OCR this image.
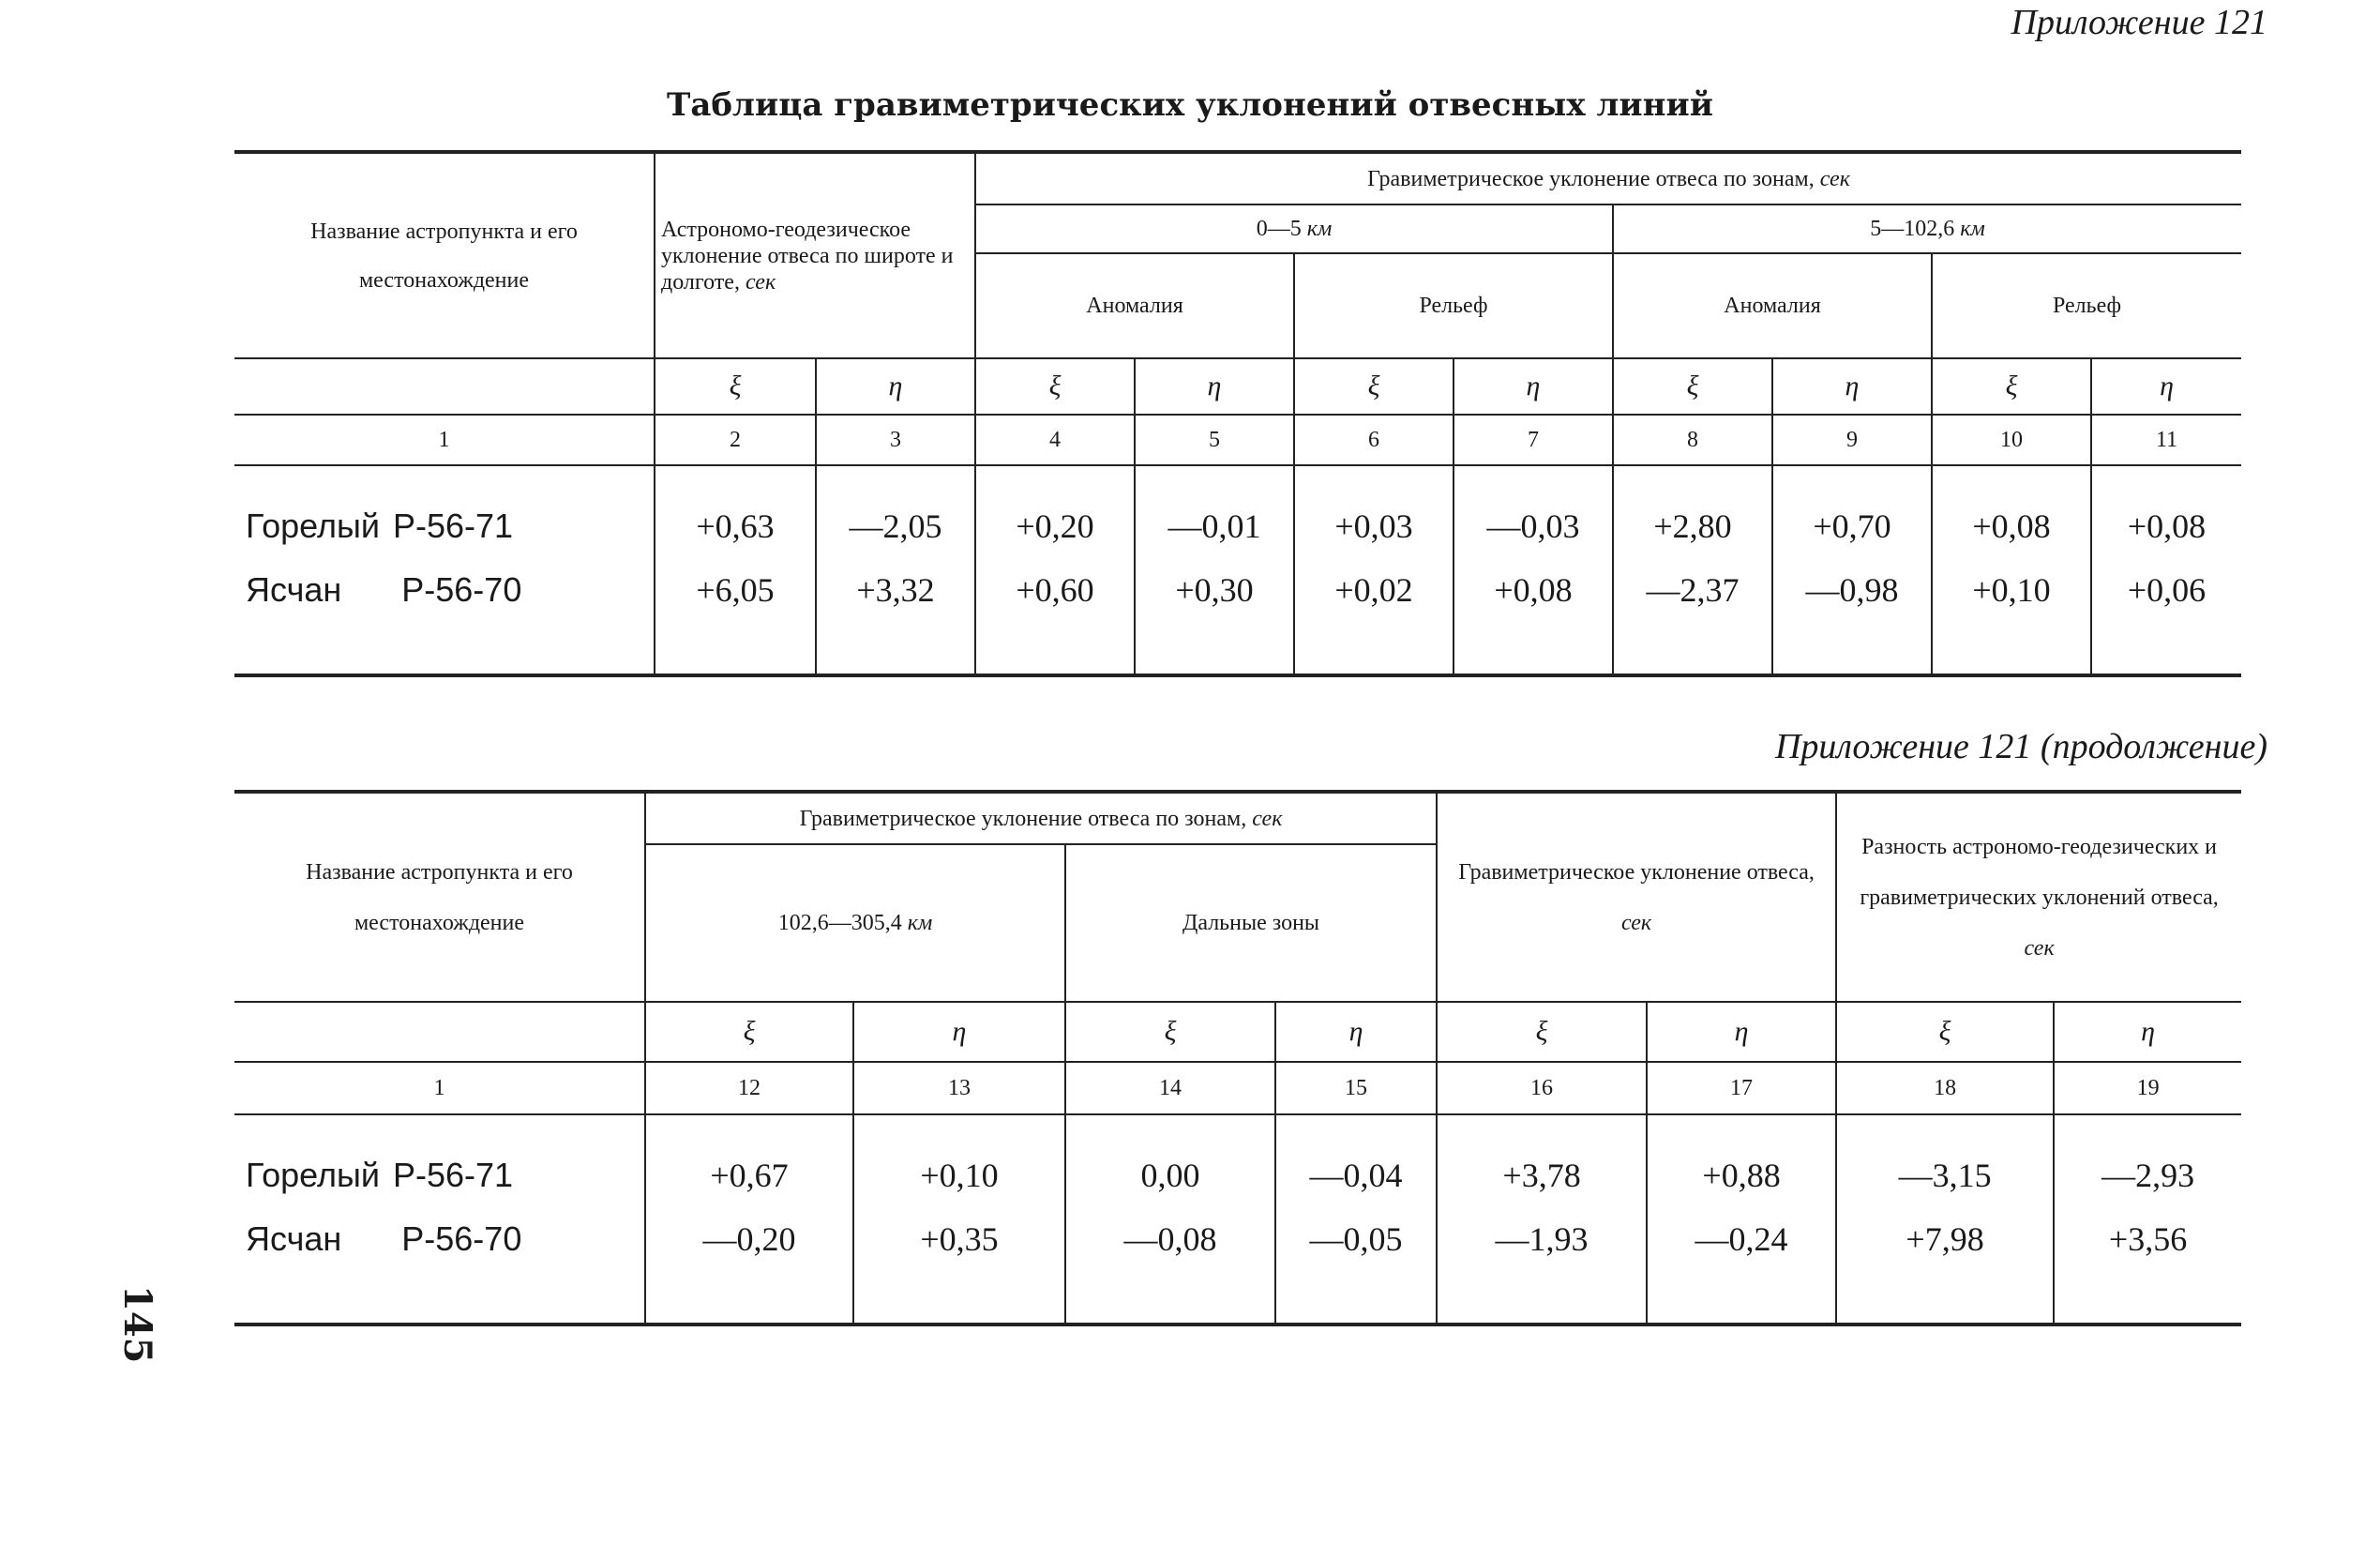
Приложение 121
Таблица гравиметрических уклонений отвесных линий
Название астропункта и его местонахождение	Астрономо-геодезическое уклонение отвеса по широте и долготе, сек		Гравиметрическое уклонение отвеса по зонам, сек							
			0—5 км				5—102,6 км			
			Аномалия		Рельеф		Аномалия		Рельеф	
	ξ	η	ξ	η	ξ	η	ξ	η	ξ	η
1	2	3	4	5	6	7	8	9	10	11
Горелый Р-56-71	+0,63	—2,05	+0,20	—0,01	+0,03	—0,03	+2,80	+0,70	+0,08	+0,08
Ясчан Р-56-70	+6,05	+3,32	+0,60	+0,30	+0,02	+0,08	—2,37	—0,98	+0,10	+0,06
Приложение 121 (продолжение)
Название астропункта и его местонахождение	Гравиметрическое уклонение отвеса по зонам, сек				Гравиметрическое уклонение отвеса, сек		Разность астрономо-геодезических и гравиметрических уклонений отвеса, сек	
	102,6—305,4 км		Дальные зоны					
	ξ	η	ξ	η	ξ	η	ξ	η
1	12	13	14	15	16	17	18	19
Горелый Р-56-71	+0,67	+0,10	0,00	—0,04	+3,78	+0,88	—3,15	—2,93
Ясчан Р-56-70	—0,20	+0,35	—0,08	—0,05	—1,93	—0,24	+7,98	+3,56
145
